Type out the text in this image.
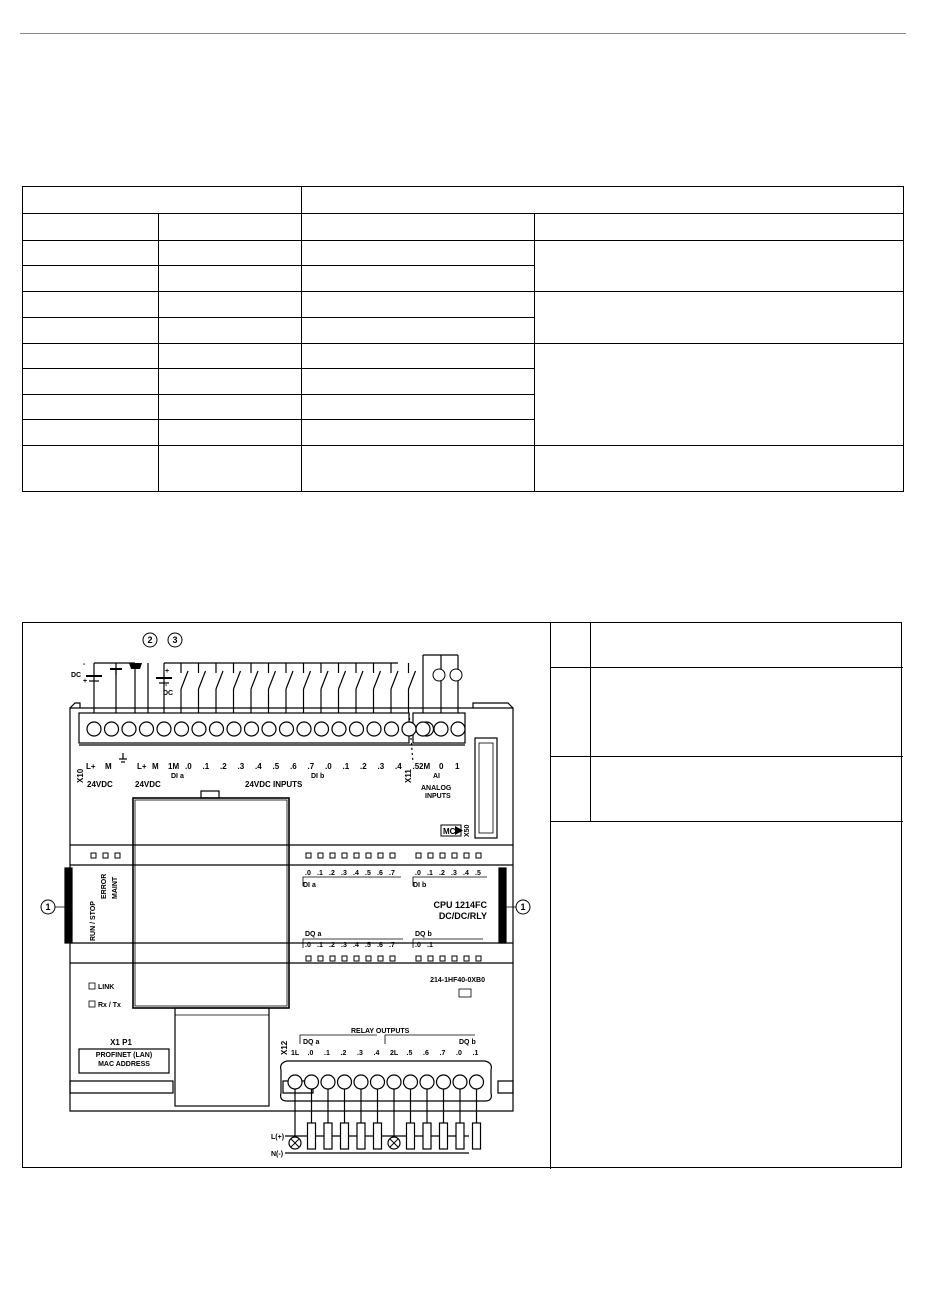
2 3
1	1
-
+
DC
+
-
DC
X10
L+ M
24VDC
L+ M
24VDC
1M
DI a	DI b
24VDC INPUTS
.0 .1 .2 .3 .4 .5 .6 .7 .0 .1 .2 .3 .4 .5
X11
2M 0 1
AI
ANALOG
INPUTS
MC X50
RUN / STOP
ERROR MAINT
.0 .1 .2 .3 .4 .5 .6 .7	.0 .1 .2 .3 .4 .5
.0 .1 .2 .3 .4 .5 .6 .7	.0 .1
DI a	DI b
CPU 1214FC
DC/DC/RLY
DQ a	DQ b
214-1HF40-0XB0
LINK
Rx / Tx
X1 P1
PROFINET (LAN)
MAC ADDRESS
RELAY OUTPUTS
X12 DQ a	DQ b
1L .0 .1 .2 .3 .4 2L .5 .6 .7 .0 .1
L(+)
N(-)
